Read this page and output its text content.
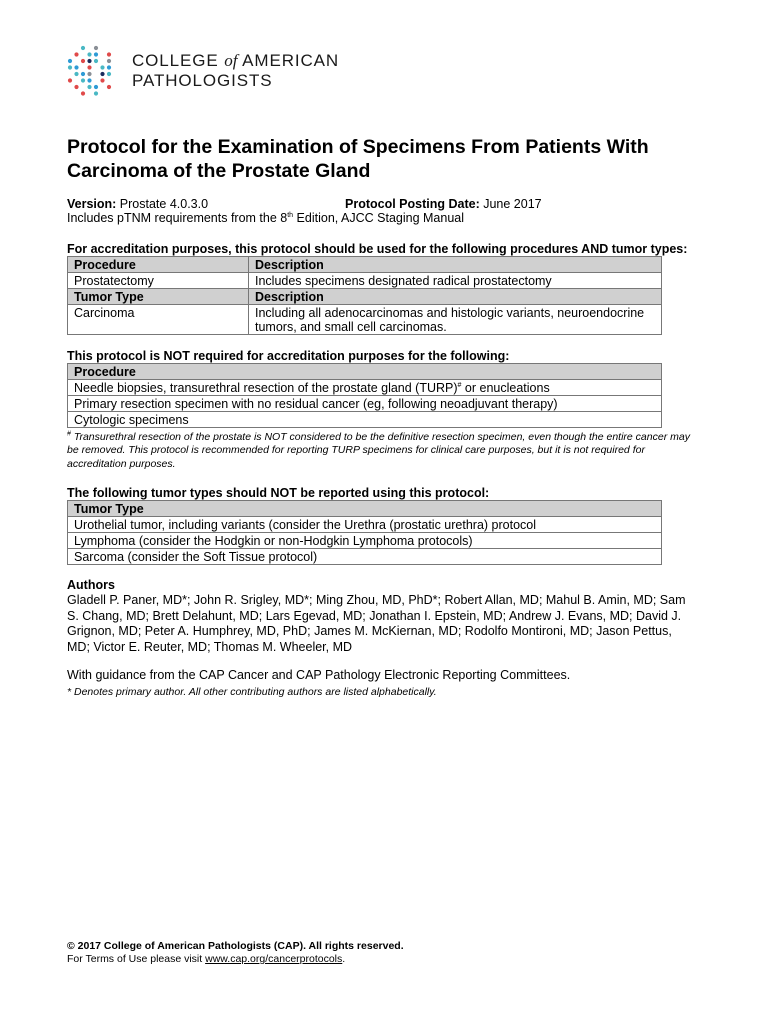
COLLEGE of AMERICAN
PATHOLOGISTS
Protocol for the Examination of Specimens From Patients With Carcinoma of the Prostate Gland
Version: Prostate 4.0.3.0	Protocol Posting Date: June 2017
Includes pTNM requirements from the 8th Edition, AJCC Staging Manual
For accreditation purposes, this protocol should be used for the following procedures AND tumor types:
Procedure	Description
Prostatectomy	Includes specimens designated radical prostatectomy
Tumor Type	Description
Carcinoma	Including all adenocarcinomas and histologic variants, neuroendocrine tumors, and small cell carcinomas.
This protocol is NOT required for accreditation purposes for the following:
Procedure
Needle biopsies, transurethral resection of the prostate gland (TURP)# or enucleations
Primary resection specimen with no residual cancer (eg, following neoadjuvant therapy)
Cytologic specimens
# Transurethral resection of the prostate is NOT considered to be the definitive resection specimen, even though the entire cancer may be removed. This protocol is recommended for reporting TURP specimens for clinical care purposes, but it is not required for accreditation purposes.
The following tumor types should NOT be reported using this protocol:
Tumor Type
Urothelial tumor, including variants (consider the Urethra (prostatic urethra) protocol
Lymphoma (consider the Hodgkin or non-Hodgkin Lymphoma protocols)
Sarcoma (consider the Soft Tissue protocol)
Authors
Gladell P. Paner, MD*; John R. Srigley, MD*; Ming Zhou, MD, PhD*; Robert Allan, MD; Mahul B. Amin, MD; Sam S. Chang, MD; Brett Delahunt, MD; Lars Egevad, MD; Jonathan I. Epstein, MD; Andrew J. Evans, MD; David J. Grignon, MD; Peter A. Humphrey, MD, PhD; James M. McKiernan, MD; Rodolfo Montironi, MD; Jason Pettus, MD; Victor E. Reuter, MD; Thomas M. Wheeler, MD
With guidance from the CAP Cancer and CAP Pathology Electronic Reporting Committees.
* Denotes primary author. All other contributing authors are listed alphabetically.
© 2017 College of American Pathologists (CAP). All rights reserved.
For Terms of Use please visit www.cap.org/cancerprotocols.
